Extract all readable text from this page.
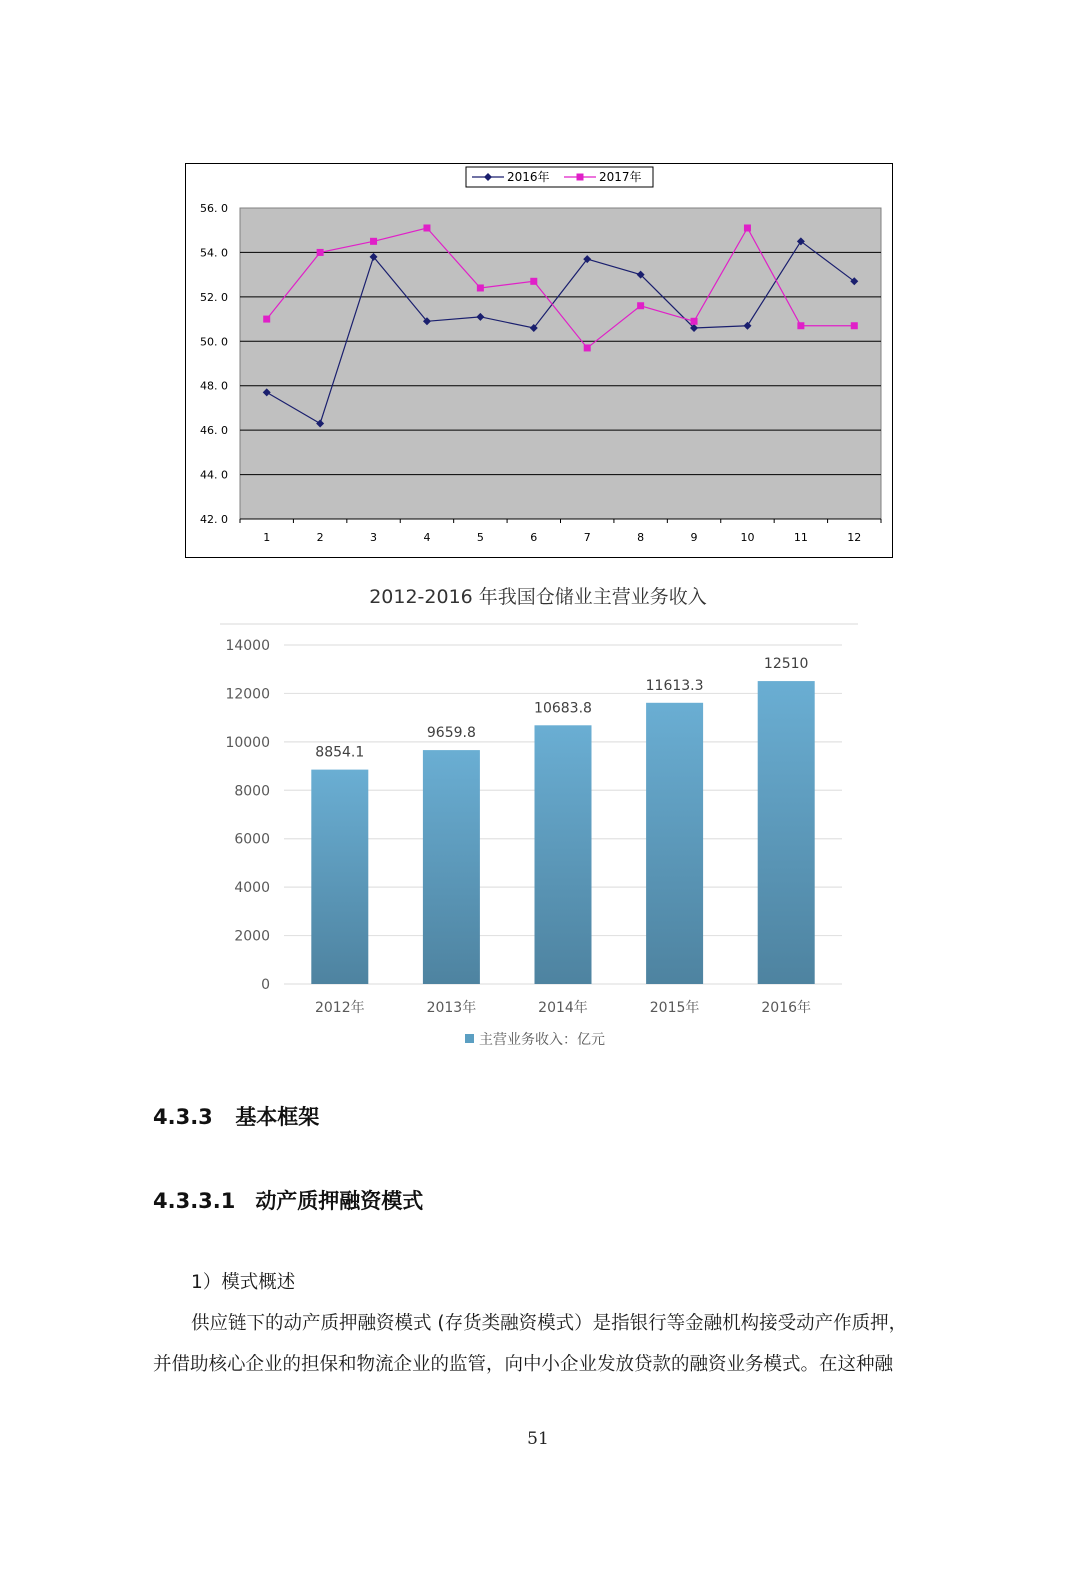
42. 0
44. 0
46. 0
48. 0
50. 0
52. 0
54. 0
56. 0
1	2	3	4	5	6	7	8	9	10	11	12
2016年	2017年
2012-2016 年我国仓储业主营业务收入
0
2000
4000
6000
8000
10000
12000
14000
8854.1
2012年
9659.8
2013年
10683.8
2014年
11613.3
2015年
12510
2016年
主营业务收入：亿元
4.3.3 基本框架
4.3.3.1 动产质押融资模式
1）模式概述
供应链下的动产质押融资模式 (存货类融资模式）是指银行等金融机构接受动产作质押，
并借助核心企业的担保和物流企业的监管，向中小企业发放贷款的融资业务模式。在这种融
51
